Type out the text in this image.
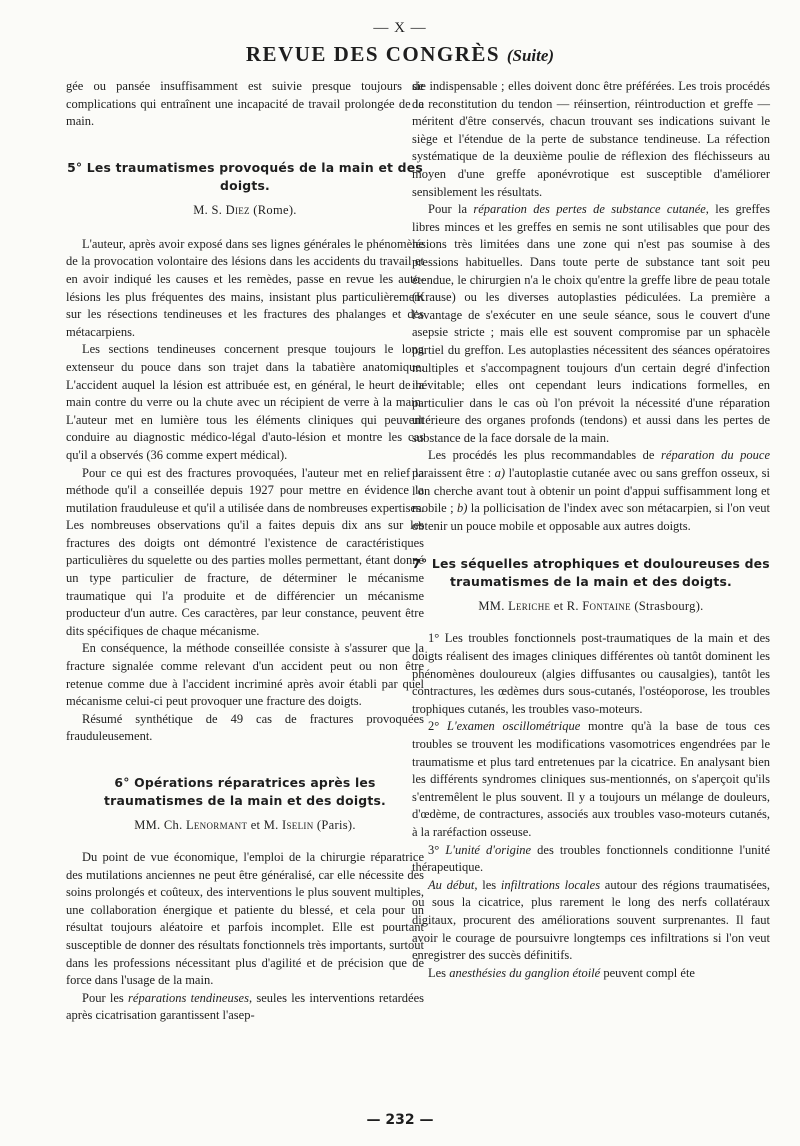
— X —
REVUE DES CONGRÈS (Suite)

gée ou pansée insuffisamment est suivie presque toujours de complications qui entraînent une incapacité de travail prolongée de la main.

5° Les traumatismes provoqués de la main et des doigts.
M. S. Diez (Rome).

L'auteur, après avoir exposé dans ses lignes générales le phénomène de la provocation volontaire des lésions dans les accidents du travail et en avoir indiqué les causes et les remèdes, passe en revue les auto-lésions les plus fréquentes des mains, insistant plus particulièrement sur les résections tendineuses et les fractures des phalanges et des métacarpiens.

Les sections tendineuses concernent presque toujours le long extenseur du pouce dans son trajet dans la tabatière anatomique. L'accident auquel la lésion est attribuée est, en général, le heurt de la main contre du verre ou la chute avec un récipient de verre à la main. L'auteur met en lumière tous les éléments cliniques qui peuvent conduire au diagnostic médico-légal d'auto-lésion et montre les cas qu'il a observés (36 comme expert médical).

Pour ce qui est des fractures provoquées, l'auteur met en relief la méthode qu'il a conseillée depuis 1927 pour mettre en évidence la mutilation frauduleuse et qu'il a utilisée dans de nombreuses expertises. Les nombreuses observations qu'il a faites depuis dix ans sur les fractures des doigts ont démontré l'existence de caractéristiques particulières du squelette ou des parties molles permettant, étant donné un type particulier de fracture, de déterminer le mécanisme traumatique qui l'a produite et de différencier un mécanisme producteur d'un autre. Ces caractères, par leur constance, peuvent être dits spécifiques de chaque mécanisme.

En conséquence, la méthode conseillée consiste à s'assurer que la fracture signalée comme relevant d'un accident peut ou non être retenue comme due à l'accident incriminé après avoir établi par quel mécanisme celui-ci peut provoquer une fracture des doigts.

Résumé synthétique de 49 cas de fractures provoquées frauduleusement.

6° Opérations réparatrices après les traumatismes de la main et des doigts.
MM. Ch. Lenormant et M. Iselin (Paris).

Du point de vue économique, l'emploi de la chirurgie réparatrice des mutilations anciennes ne peut être généralisé, car elle nécessite des soins prolongés et coûteux, des interventions le plus souvent multiples, une collaboration énergique et patiente du blessé, et cela pour un résultat toujours aléatoire et parfois incomplet. Elle est pourtant susceptible de donner des résultats fonctionnels très importants, surtout dans les professions nécessitant plus d'agilité et de précision que de force dans l'usage de la main.

Pour les réparations tendineuses, seules les interventions retardées après cicatrisation garantissent l'asep-

sie indispensable ; elles doivent donc être préférées. Les trois procédés de reconstitution du tendon — réinsertion, réintroduction et greffe — méritent d'être conservés, chacun trouvant ses indications suivant le siège et l'étendue de la perte de substance tendineuse. La réfection systématique de la deuxième poulie de réflexion des fléchisseurs au moyen d'une greffe aponévrotique est susceptible d'améliorer sensiblement les résultats.

Pour la réparation des pertes de substance cutanée, les greffes libres minces et les greffes en semis ne sont utilisables que pour des lésions très limitées dans une zone qui n'est pas soumise à des pressions habituelles. Dans toute perte de substance tant soit peu étendue, le chirurgien n'a le choix qu'entre la greffe libre de peau totale (Krause) ou les diverses autoplasties pédiculées. La première a l'avantage de s'exécuter en une seule séance, sous le couvert d'une asepsie stricte ; mais elle est souvent compromise par un sphacèle partiel du greffon. Les autoplasties nécessitent des séances opératoires multiples et s'accompagnent toujours d'un certain degré d'infection inévitable; elles ont cependant leurs indications formelles, en particulier dans le cas où l'on prévoit la nécessité d'une réparation ultérieure des organes profonds (tendons) et aussi dans les pertes de substance de la face dorsale de la main.

Les procédés les plus recommandables de réparation du pouce paraissent être : a) l'autoplastie cutanée avec ou sans greffon osseux, si l'on cherche avant tout à obtenir un point d'appui suffisamment long et mobile ; b) la pollicisation de l'index avec son métacarpien, si l'on veut obtenir un pouce mobile et opposable aux autres doigts.

7° Les séquelles atrophiques et douloureuses des traumatismes de la main et des doigts.
MM. Leriche et R. Fontaine (Strasbourg).

1° Les troubles fonctionnels post-traumatiques de la main et des doigts réalisent des images cliniques différentes où tantôt dominent les phénomènes douloureux (algies diffusantes ou causalgies), tantôt les contractures, les œdèmes durs sous-cutanés, l'ostéoporose, les troubles trophiques cutanés, les troubles vaso-moteurs.

2° L'examen oscillométrique montre qu'à la base de tous ces troubles se trouvent les modifications vasomotrices engendrées par le traumatisme et plus tard entretenues par la cicatrice. En analysant bien les différents syndromes cliniques sus-mentionnés, on s'aperçoit qu'ils s'entremêlent le plus souvent. Il y a toujours un mélange de douleurs, d'œdème, de contractures, associés aux troubles vaso-moteurs cutanés, à la raréfaction osseuse.

3° L'unité d'origine des troubles fonctionnels conditionne l'unité thérapeutique.

Au début, les infiltrations locales autour des régions traumatisées, ou sous la cicatrice, plus rarement le long des nerfs collatéraux digitaux, procurent des améliorations souvent surprenantes. Il faut avoir le courage de poursuivre longtemps ces infiltrations si l'on veut enregistrer des succès définitifs.

Les anesthésies du ganglion étoilé peuvent compl éte

— 232 —
